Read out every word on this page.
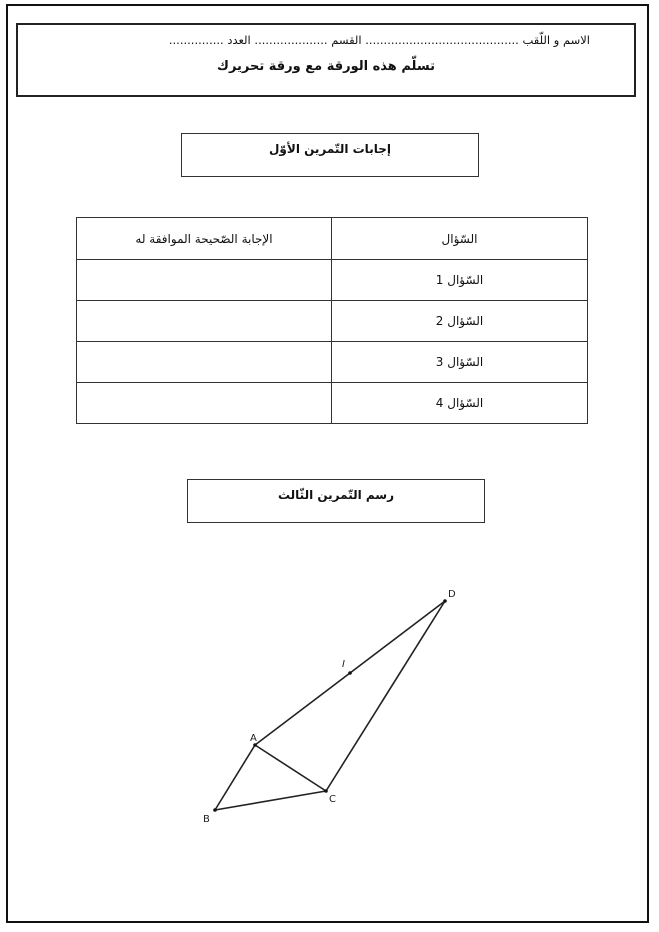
الاسم و اللّقب .......................................... القسم .................... العدد ...............
تسلّم هذه الورقة مع ورقة تحريرك
إجابات التّمرين الأوّل
السّؤال	الإجابة الصّحيحة الموافقة له
السّؤال 1	
السّؤال 2	
السّؤال 3	
السّؤال 4	
رسم التّمرين الثّالث
A
B
C
D
I
